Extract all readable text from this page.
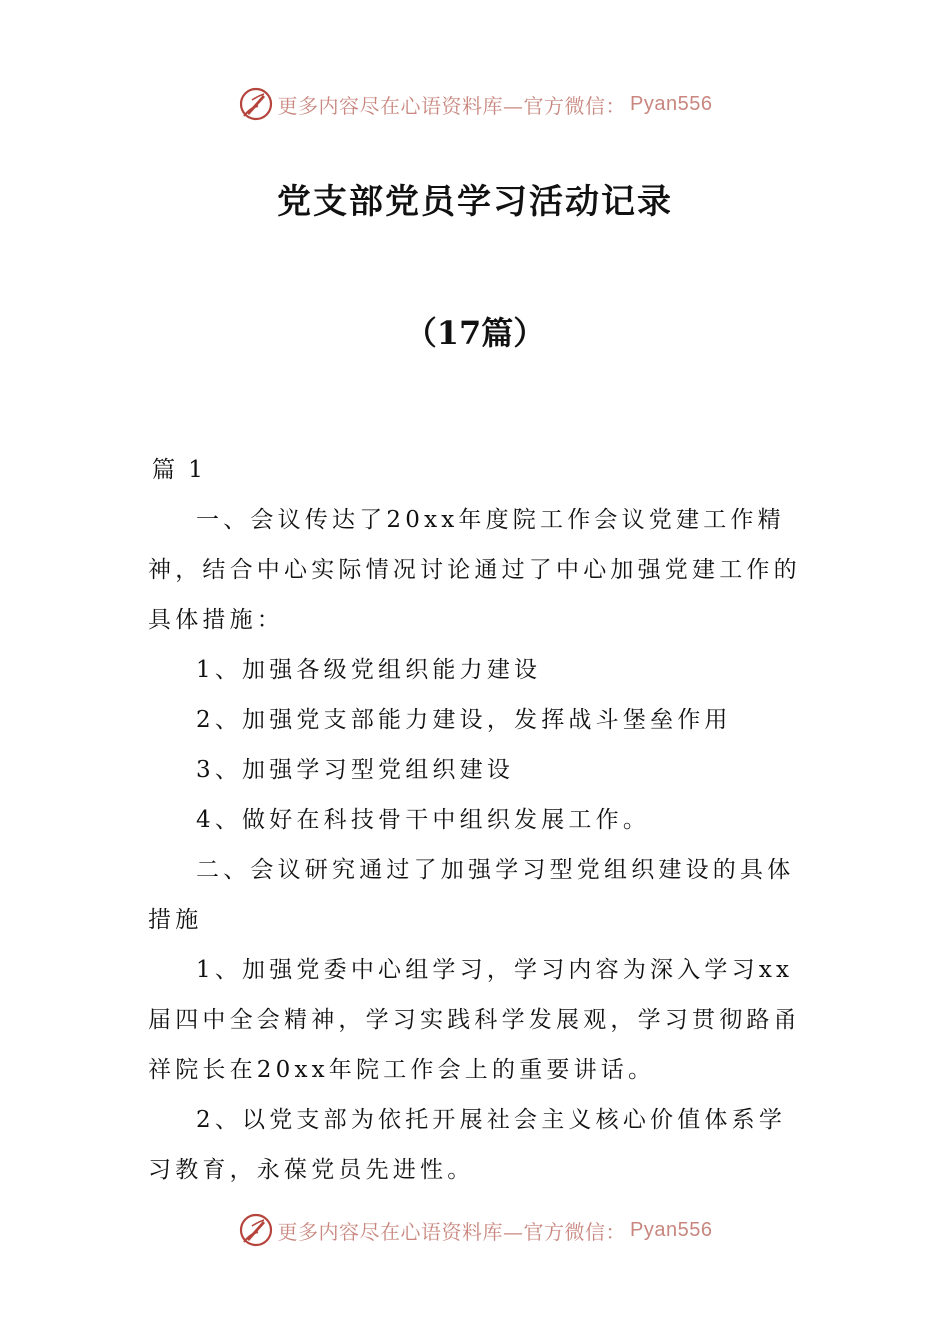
更多内容尽在心语资料库—官方微信： Pyan556
党支部党员学习活动记录
（17篇）

篇 1

一、会议传达了20xx年度院工作会议党建工作精神，结合中心实际情况讨论通过了中心加强党建工作的具体措施：

1、加强各级党组织能力建设

2、加强党支部能力建设，发挥战斗堡垒作用

3、加强学习型党组织建设

4、做好在科技骨干中组织发展工作。

二、会议研究通过了加强学习型党组织建设的具体措施

1、加强党委中心组学习，学习内容为深入学习xx届四中全会精神，学习实践科学发展观，学习贯彻路甬祥院长在20xx年院工作会上的重要讲话。

2、以党支部为依托开展社会主义核心价值体系学习教育，永葆党员先进性。

更多内容尽在心语资料库—官方微信： Pyan556
